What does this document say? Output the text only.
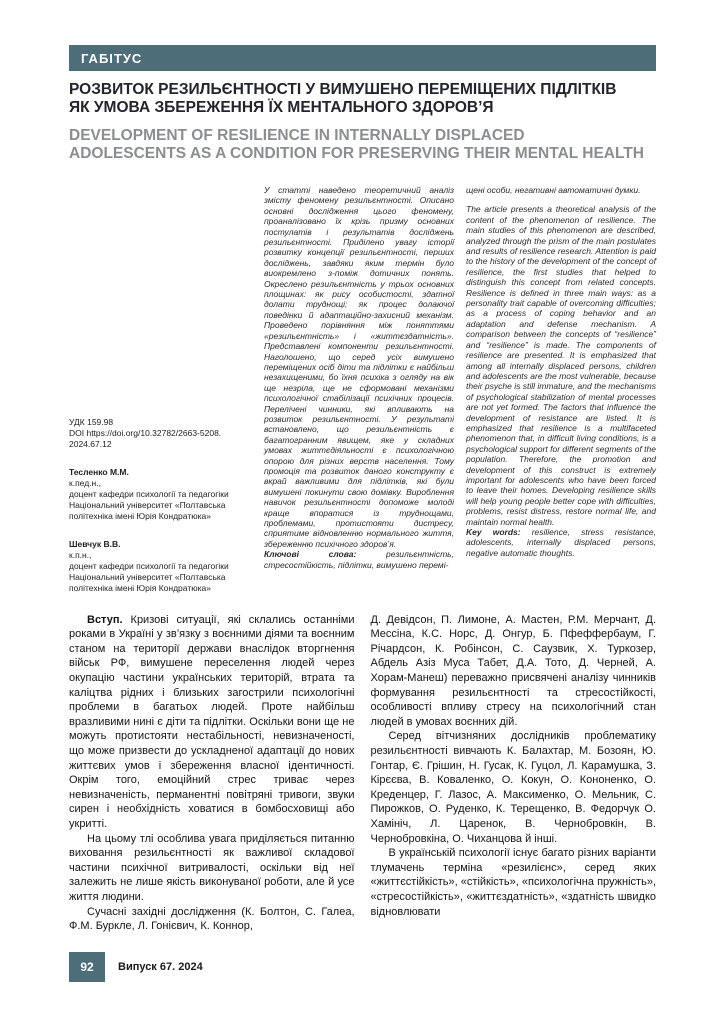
ГАБІТУС
РОЗВИТОК РЕЗИЛЬЄНТНОСТІ У ВИМУШЕНО ПЕРЕМІЩЕНИХ ПІДЛІТКІВ
ЯК УМОВА ЗБЕРЕЖЕННЯ ЇХ МЕНТАЛЬНОГО ЗДОРОВ’Я
DEVELOPMENT OF RESILIENCE IN INTERNALLY DISPLACED
ADOLESCENTS AS A CONDITION FOR PRESERVING THEIR MENTAL HEALTH
УДК 159.98
DOI https://doi.org/10.32782/2663-5208. 2024.67.12
Тесленко М.М.
к.пед.н.,
доцент кафедри психології та педагогіки
Національний університет «Полтавська політехніка імені Юрія Кондратюка»
Шевчук В.В.
к.п.н.,
доцент кафедри психології та педагогіки
Національний університет «Полтавська політехніка імені Юрія Кондратюка»

У статті наведено теоретичний аналіз змісту феномену резильєнтності. Описано основні дослідження цього феномену, проаналізовано їх крізь призму основних постулатів і результатів досліджень резильєнтності. Приділено увагу історії розвитку концепції резильєнтності, перших досліджень, завдяки яким термін було виокремлено з-поміж дотичних понять. Окреслено резильєнтність у трьох основних площинах: як рису особистості, здатної долати труднощі; як процес долаючої поведінки й адаптаційно-захисний механізм. Проведено порівняння між поняттями «резильєнтність» і «життєздатність». Представлені компоненти резильєнтності. Наголошено, що серед усіх вимушено переміщених осіб діти та підлітки є найбільш незахищеними, бо їхня психіка з огляду на вік ще незріла, ще не сформовані механізми психологічної стабілізації психічних процесів. Перелічені чинники, які впливають на розвиток резильєнтності. У результаті встановлено, що резильєнтність є багатогранним явищем, яке у складних умовах життєдіяльності є психологічною опорою для різних верств населення. Тому промоція та розвиток даного конструкту є вкрай важливими для підлітків, які були вимушені покинути свою домівку. Вироблення навичок резильєнтності допоможе молоді краще впоратися із труднощами, проблемами, протистояти дистресу, сприятиме відновленню нормального життя, збереженню психічного здоров’я.

Ключові слова:	резильєнтність, стресостійкість, підлітки, вимушено перемі-

щені особи, негативні автоматичні думки.

The article presents a theoretical analysis of the content of the phenomenon of resilience. The main studies of this phenomenon are described, analyzed through the prism of the main postulates and results of resilience research. Attention is paid to the history of the development of the concept of resilience, the first studies that helped to distinguish this concept from related concepts. Resilience is defined in three main ways: as a personality trait capable of overcoming difficulties; as a process of coping behavior and an adaptation and defense mechanism. A comparison between the concepts of “resilience” and “resilience” is made. The components of resilience are presented. It is emphasized that among all internally displaced persons, children and adolescents are the most vulnerable, because their psyche is still immature, and the mechanisms of psychological stabilization of mental processes are not yet formed. The factors that influence the development of resistance are listed. It is emphasized that resilience is a multifaceted phenomenon that, in difficult living conditions, is a psychological support for different segments of the population. Therefore, the promotion and development of this construct is extremely important for adolescents who have been forced to leave their homes. Developing resilience skills will help young people better cope with difficulties, problems, resist distress, restore normal life, and maintain normal health.

Key words: resilience, stress resistance, adolescents, internally displaced persons, negative automatic thoughts.

Вступ. Кризові ситуації, які склались останніми роками в Україні у зв’язку з воєнними діями та воєнним станом на території держави внаслідок вторгнення військ РФ, вимушене переселення людей через окупацію частини українських територій, втрата та каліцтва рідних і близьких загострили психологічні проблеми в багатьох людей. Проте найбільш вразливими нині є діти та підлітки. Оскільки вони ще не можуть протистояти нестабільності, невизначеності, що може призвести до ускладненої адаптації до нових життєвих умов і збереження власної ідентичності. Окрім того, емоційний стрес триває через невизначеність, перманентні повітряні тривоги, звуки сирен і необхідність ховатися в бомбосховищі або укритті.

На цьому тлі особлива увага приділяється питанню виховання резильєнтності як важливої складової частини психічної витривалості, оскільки від неї залежить не лише якість виконуваної роботи, але й усе життя людини.

Сучасні західні дослідження (К. Болтон, С. Галеа, Ф.М. Буркле, Л. Гонієвич, К. Коннор,

Д. Девідсон, П. Лимоне, А. Мастен, Р.М. Мерчант, Д. Мессіна, К.С. Норс, Д. Онгур, Б. Пфеффербаум, Г. Річардсон, К. Робінсон, С. Саузвик, Х. Туркозер, Абдель Азіз Муса Табет, Д.А. Тото, Д. Черней, А. Хорам-Манеш) переважно присвячені аналізу чинників формування резильєнтності та стресостійкості, особливості впливу стресу на психологічний стан людей в умовах воєнних дій.

Серед вітчизняних дослідників проблематику резильєнтності вивчають К. Балахтар, М. Бозоян, Ю. Гонтар, Є. Грішин, Н. Гусак, К. Гуцол, Л. Карамушка, З. Кірєєва, В. Коваленко, О. Кокун, О. Кононенко, О. Креденцер, Г. Лазос, А. Максименко, О. Мельник, С. Пирожков, О. Руденко, К. Терещенко, В. Федорчук О. Хамініч, Л. Царенок, В. Чернобровкін, В. Чернобровкіна, О. Чиханцова й інші.

В українській психології існує багато різних варіанти тлумачень терміна «резилієнс», серед яких «життєстійкість», «стійкість», «психологічна пружність», «стресостійкість», «життєздатність», «здатність швидко відновлювати

92	Випуск 67. 2024
